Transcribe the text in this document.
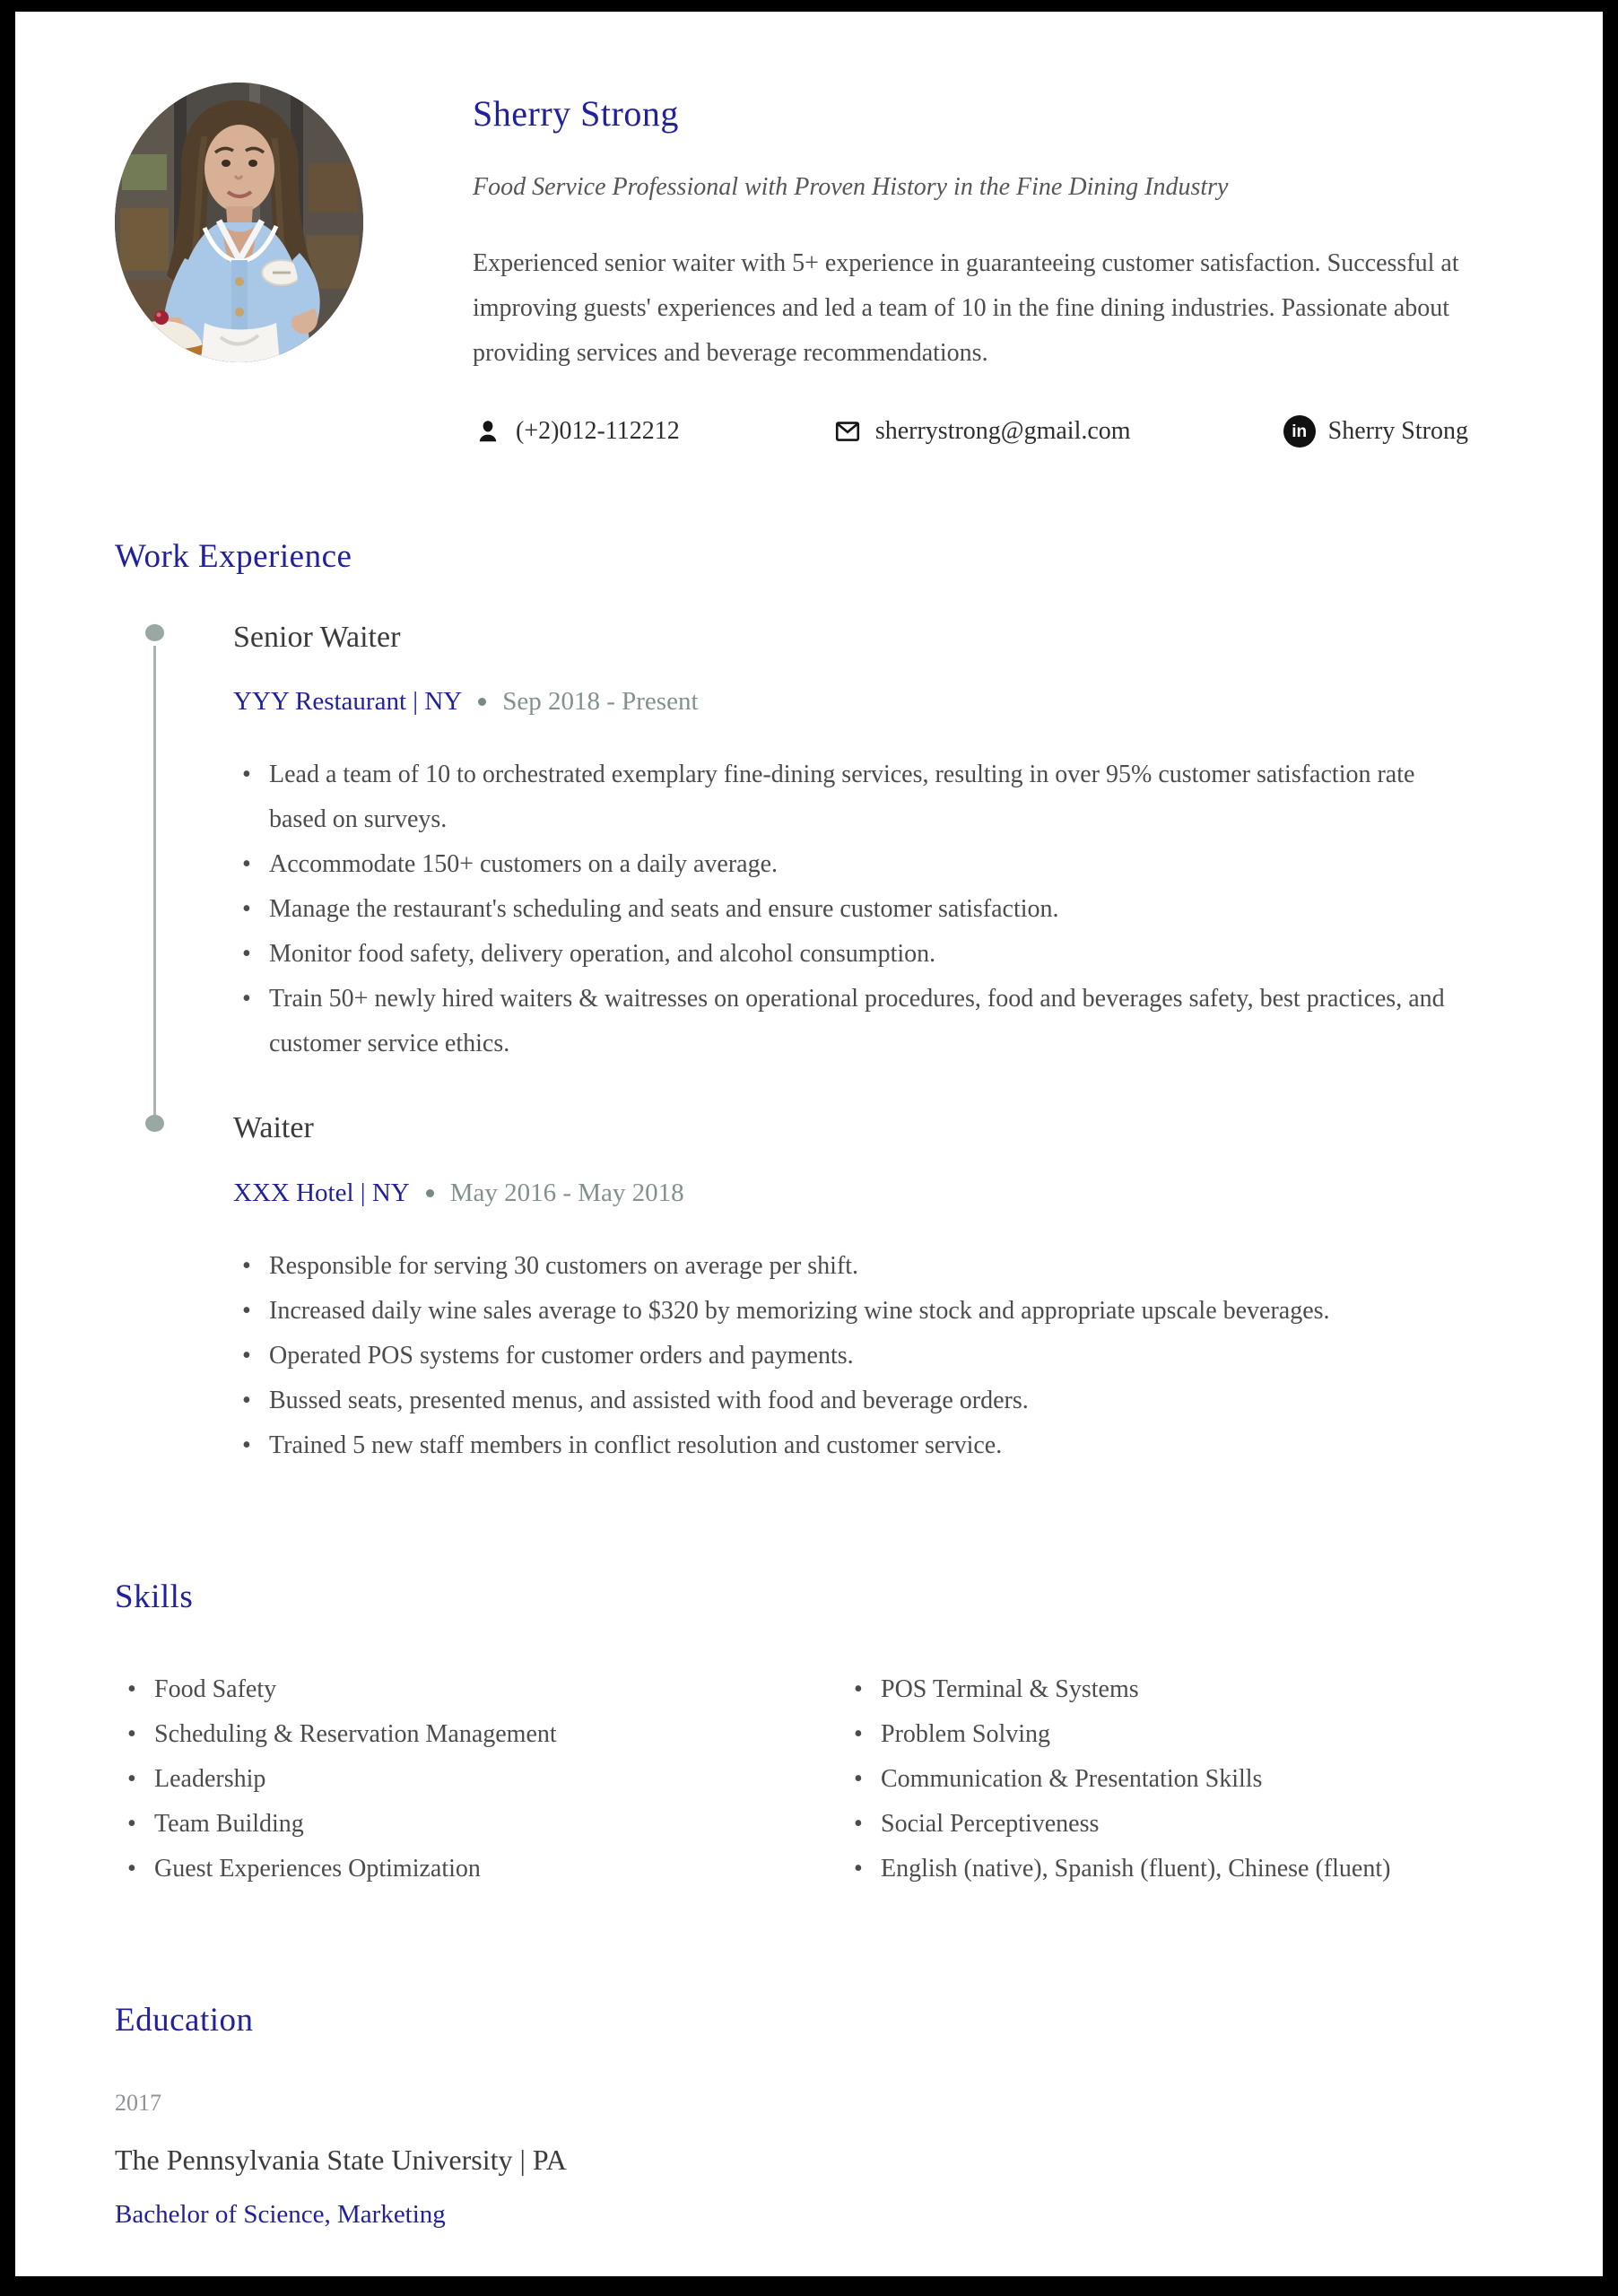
Sherry Strong

Food Service Professional with Proven History in the Fine Dining Industry

Experienced senior waiter with 5+ experience in guaranteeing customer satisfaction. Successful at improving guests' experiences and led a team of 10 in the fine dining industries. Passionate about providing services and beverage recommendations.

(+2)012-112212	sherrystrong@gmail.com	in Sherry Strong
Work Experience
Senior Waiter
YYY Restaurant | NY Sep 2018 - Present
• Lead a team of 10 to orchestrated exemplary fine-dining services, resulting in over 95% customer satisfaction rate based on surveys.
• Accommodate 150+ customers on a daily average.
• Manage the restaurant's scheduling and seats and ensure customer satisfaction.
• Monitor food safety, delivery operation, and alcohol consumption.
• Train 50+ newly hired waiters & waitresses on operational procedures, food and beverages safety, best practices, and customer service ethics.
Waiter
XXX Hotel | NY May 2016 - May 2018
• Responsible for serving 30 customers on average per shift.
• Increased daily wine sales average to $320 by memorizing wine stock and appropriate upscale beverages.
• Operated POS systems for customer orders and payments.
• Bussed seats, presented menus, and assisted with food and beverage orders.
• Trained 5 new staff members in conflict resolution and customer service.
Skills
• Food Safety
• Scheduling & Reservation Management
• Leadership
• Team Building
• Guest Experiences Optimization
• POS Terminal & Systems
• Problem Solving
• Communication & Presentation Skills
• Social Perceptiveness
• English (native), Spanish (fluent), Chinese (fluent)
Education

2017

The Pennsylvania State University | PA

Bachelor of Science, Marketing
